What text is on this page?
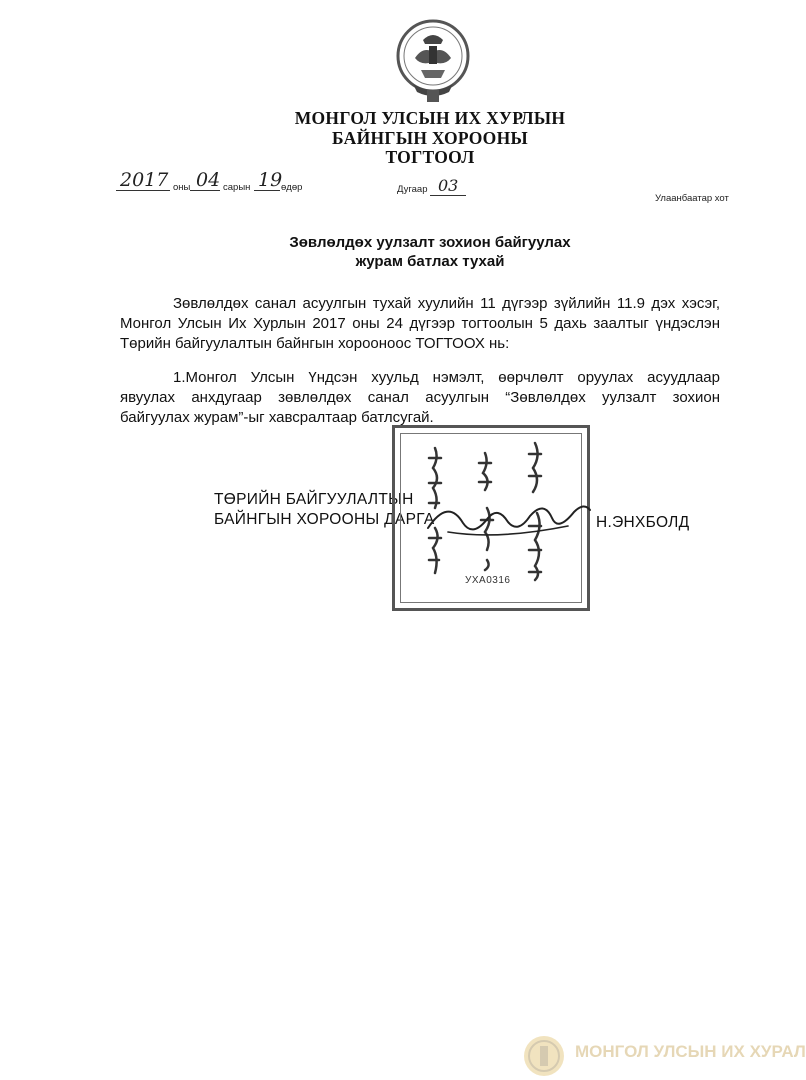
МОНГОЛ УЛСЫН ИХ ХУРЛЫН
БАЙНГЫН ХОРООНЫ
ТОГТООЛ
2017 оны 04 сарын 19
өдөр	Дугаар 03
Улаанбаатар хот
Зөвлөлдөх уулзалт зохион байгуулах
журам батлах тухай
Зөвлөлдөх санал асуулгын тухай хуулийн 11 дүгээр зүйлийн 11.9 дэх хэсэг,
Монгол Улсын Их Хурлын 2017 оны 24 дүгээр тогтоолын 5 дахь заалтыг үндэслэн
Төрийн байгуулалтын байнгын хорооноос ТОГТООХ нь:
1.Монгол Улсын Үндсэн хуульд нэмэлт, өөрчлөлт оруулах асуудлаар
явуулах анхдугаар зөвлөлдөх санал асуулгын “Зөвлөлдөх уулзалт зохион
байгуулах журам”-ыг хавсралтаар батлсугай.
ТӨРИЙН БАЙГУУЛАЛТЫН
БАЙНГЫН ХОРООНЫ ДАРГА	Н.ЭНХБОЛД
УХА0316
МОНГОЛ УЛСЫН ИХ ХУРАЛ
